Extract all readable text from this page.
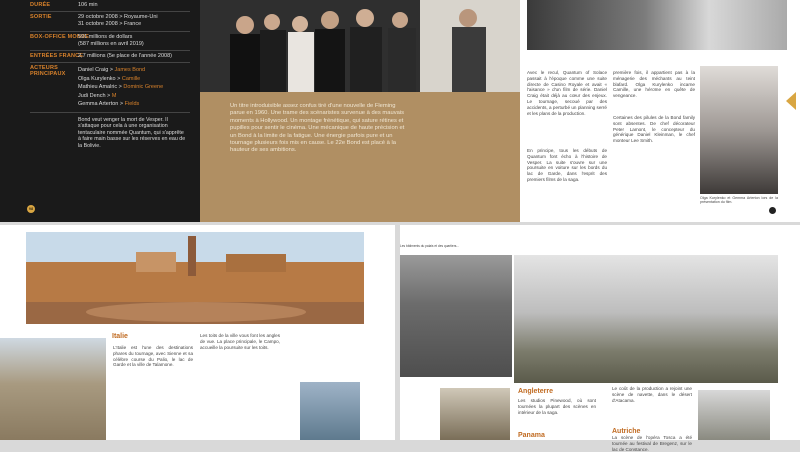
DURÉE	106 min
SORTIE	29 octobre 2008 > Royaume-Uni
31 octobre 2008 > France
BOX-OFFICE MONDE
591 millions de dollars
(587 millions en avril 2019)
ENTRÉES FRANCE
2,7 millions (5e place de l'année 2008)
ACTEURS PRINCIPAUX
Daniel Craig > James Bond
Olga Kurylenko > Camille
Mathieu Amalric > Dominic Greene
Judi Dench > M
Gemma Arterton > Fields
Bond veut venger la mort de Vesper. Il s'attaque pour cela à une organisation tentaculaire nommée Quantum, qui s'apprête à faire main basse sur les réserves en eau de la Bolivie.
98
Un titre introduisible assez confus tiré d'une nouvelle de Fleming parue en 1960. Une trame des scénaristes survenue à des mauvais moments à Hollywood. Un montage frénétique, qui sature rétines et pupilles pour sentir le cinéma. Une mécanique de haute précision et un Bond à la limite de la fatigue. Une énergie parfois pure et un tournage plusieurs fois mis en cause. Le 22e Bond est placé à la hauteur de ses ambitions.
Avec le recul, Quantum of Solace passait à l'époque comme une suite directe de Casino Royale et avait « l'aisance » d'un film de série. Daniel Craig était déjà au cœur des enjeux. Le tournage, secoué par des accidents, a perturbé un planning serré et les plans de la production.
En principe, tous les débuts de Quantum font écho à l'histoire de Vesper. La suite s'ouvre sur une poursuite en voiture sur les bords du lac de Garde, dans l'esprit des premiers films de la saga.
première fois, il appartient pas à la ménagerie des méchants au teint blafard. Olga Kurylenko incarne Camille, une héroïne en quête de vengeance.
Certaines des pilules de la Bond family sont absentes. De chef décorateur Peter Lamont, le concepteur du générique Daniel Kleinman, le chef monteur Lee Smith.
Olga Kurylenko et Gemma Arterton lors de la présentation du film.
Italie
L'Italie est l'une des destinations phares du tournage, avec Sienne et sa célèbre course du Palio, le lac de Garde et la ville de Talamone.
Les toits de la ville vous font les angles de vue. La place principale, le Campo, accueille la poursuite sur les toits.
Les bâtiments du palais et des quartiers...
Angleterre
Les studios Pinewood, où sont tournées la plupart des scènes en intérieur de la saga.
Panama
Le coût de la production a rejoint une scène de navette, dans le désert d'Atacama.
Autriche
La scène de l'opéra Tosca a été tournée au festival de Bregenz, sur le lac de Constance.
